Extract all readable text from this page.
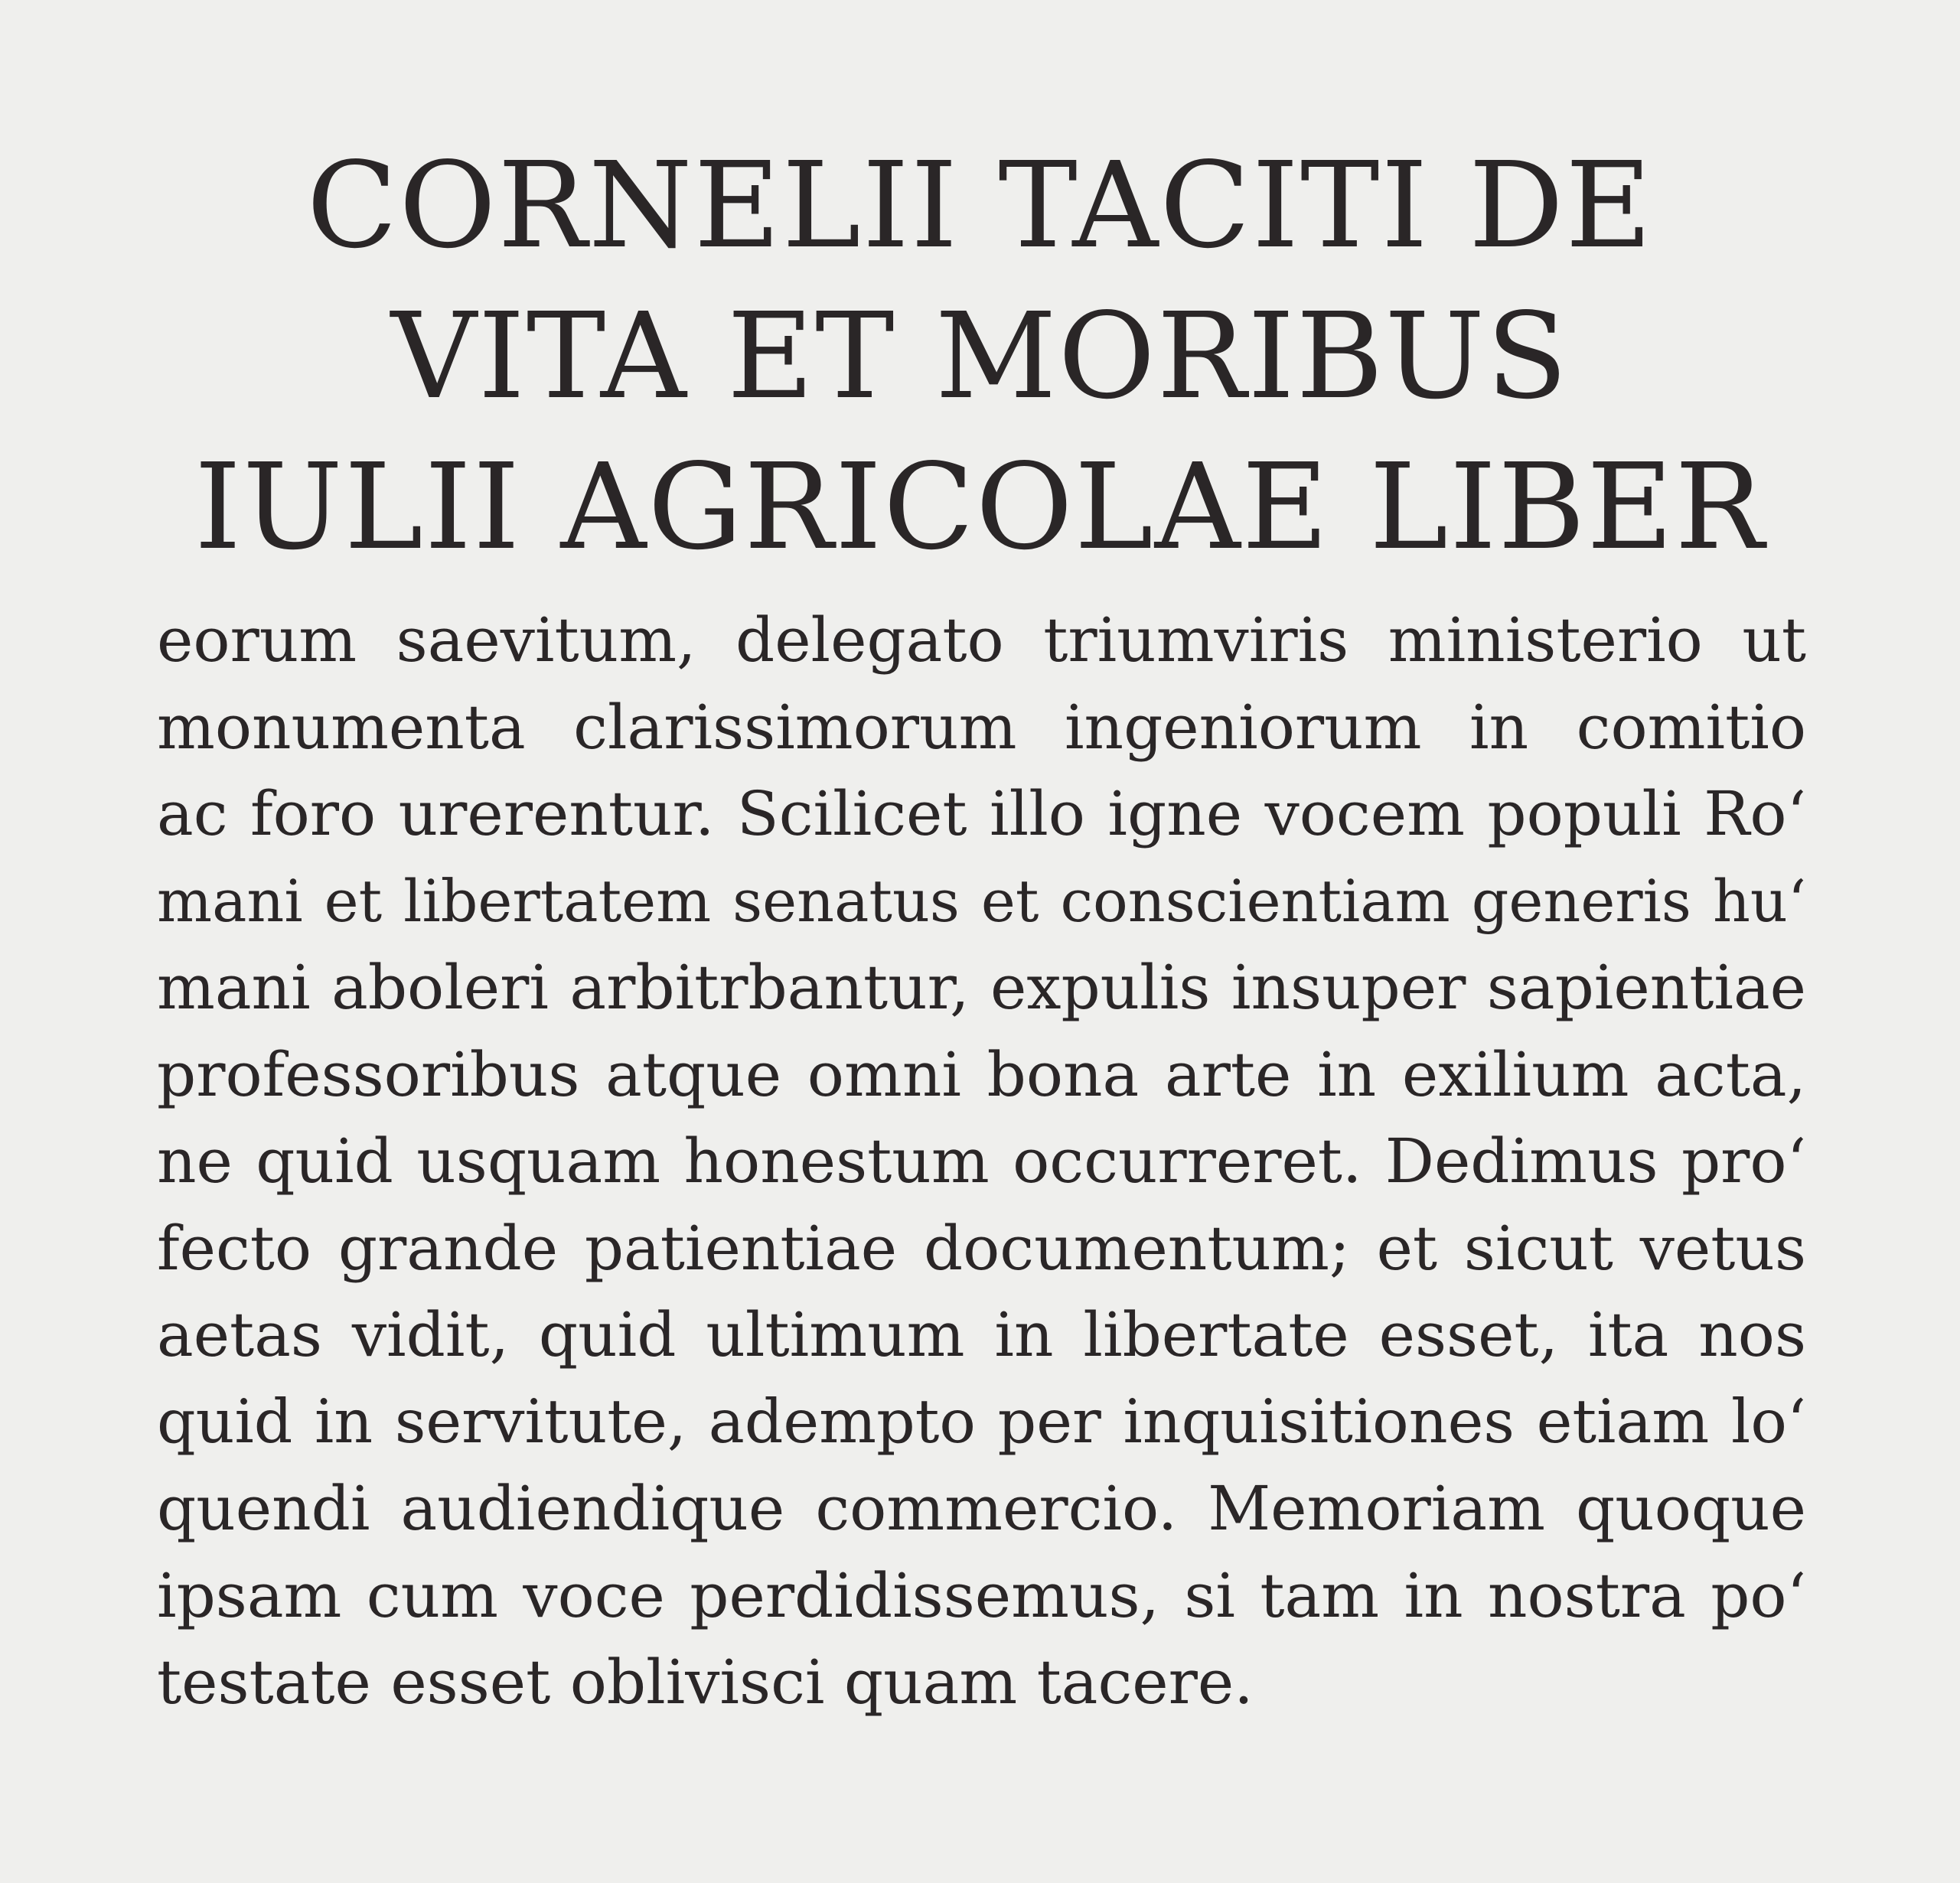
CORNELII TACITI DE
VITA ET MORIBUS
IULII AGRICOLAE LIBER
eorum saevitum, delegato triumviris ministerio ut
monumenta clarissimorum ingeniorum in comitio
ac foro urerentur. Scilicet illo igne vocem populi Ro‘
mani et libertatem senatus et conscientiam generis hu‘
mani aboleri arbitrbantur, expulis insuper sapientiae
professoribus atque omni bona arte in exilium acta,
ne quid usquam honestum occurreret. Dedimus pro‘
fecto grande patientiae documentum; et sicut vetus
aetas vidit, quid ultimum in libertate esset, ita nos
quid in servitute, adempto per inquisitiones etiam lo‘
quendi audiendique commercio. Memoriam quoque
ipsam cum voce perdidissemus, si tam in nostra po‘
testate esset oblivisci quam tacere.
